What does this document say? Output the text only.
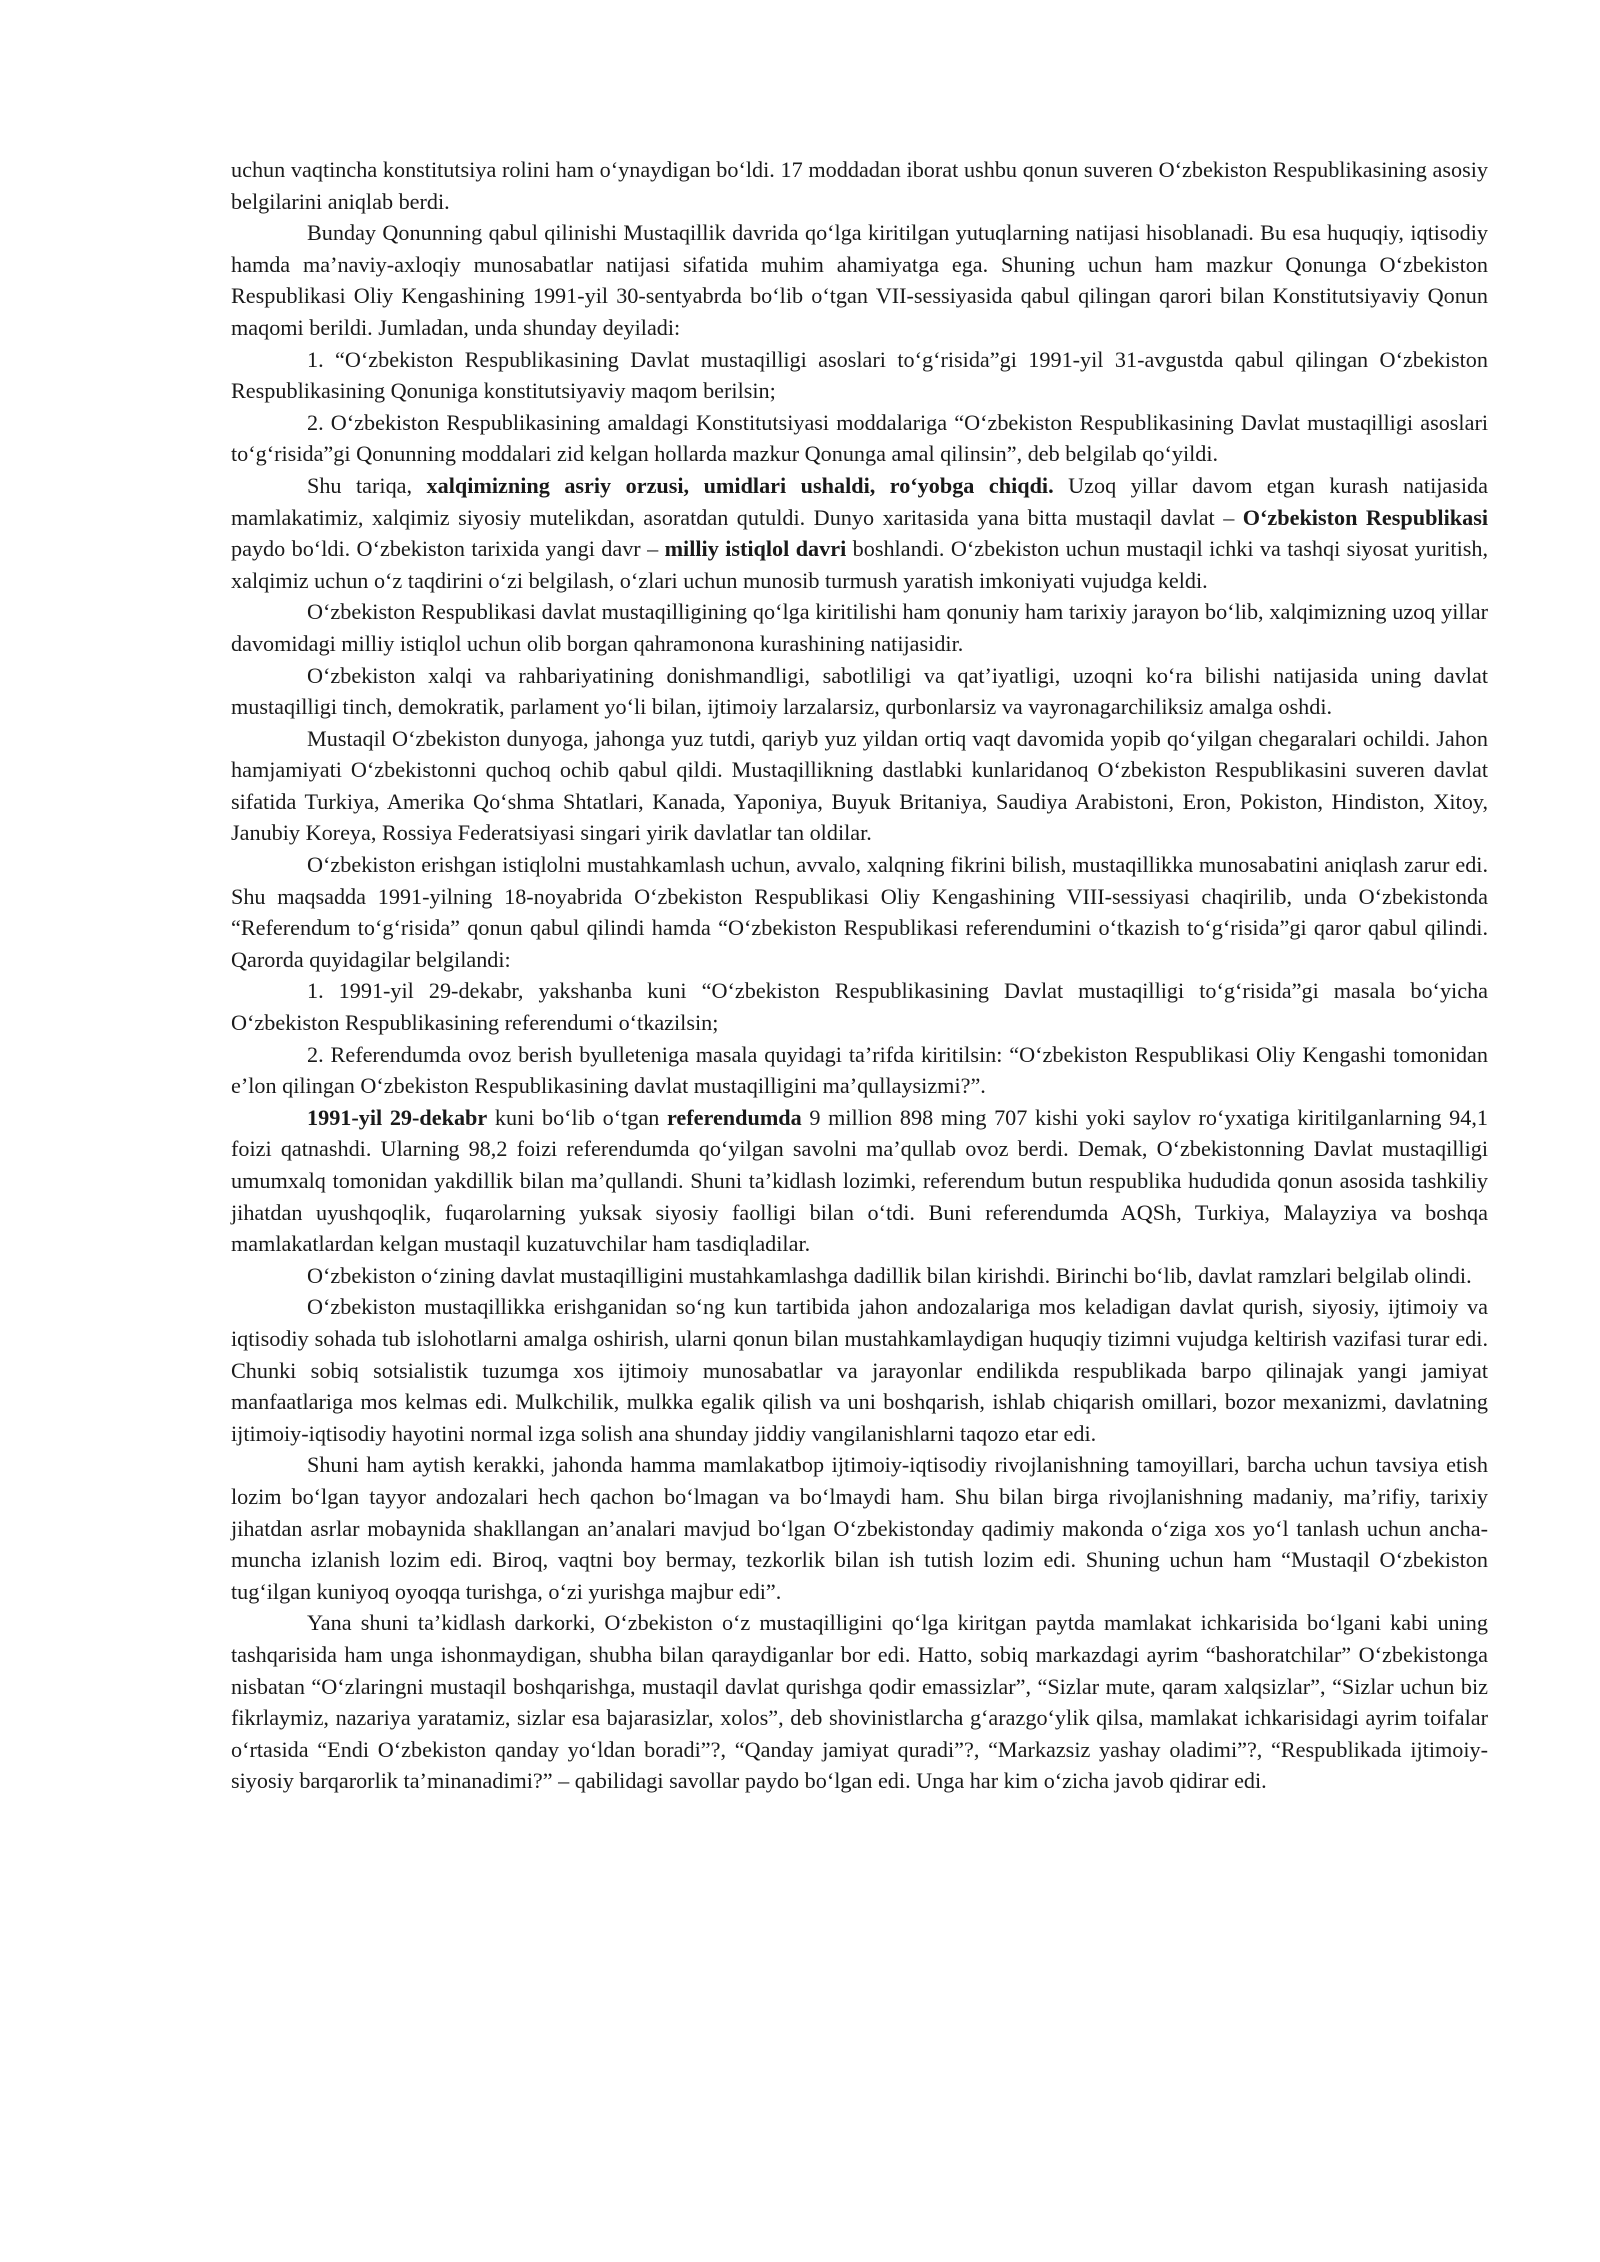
uchun vaqtincha konstitutsiya rolini ham o‘ynaydigan bo‘ldi. 17 moddadan iborat ushbu qonun suveren O‘zbekiston Respublikasining asosiy belgilarini aniqlab berdi.

Bunday Qonunning qabul qilinishi Mustaqillik davrida qo‘lga kiritilgan yutuqlarning natijasi hisoblanadi. Bu esa huquqiy, iqtisodiy hamda ma’naviy-axloqiy munosabatlar natijasi sifatida muhim ahamiyatga ega. Shuning uchun ham mazkur Qonunga O‘zbekiston Respublikasi Oliy Kengashining 1991-yil 30-sentyabrda bo‘lib o‘tgan VII-sessiyasida qabul qilingan qarori bilan Konstitutsiyaviy Qonun maqomi berildi. Jumladan, unda shunday deyiladi:

1. “O‘zbekiston Respublikasining Davlat mustaqilligi asoslari to‘g‘risida”gi 1991-yil 31-avgustda qabul qilingan O‘zbekiston Respublikasining Qonuniga konstitutsiyaviy maqom berilsin;

2. O‘zbekiston Respublikasining amaldagi Konstitutsiyasi moddalariga “O‘zbekiston Respublikasining Davlat mustaqilligi asoslari to‘g‘risida”gi Qonunning moddalari zid kelgan hollarda mazkur Qonunga amal qilinsin”, deb belgilab qo‘yildi.

Shu tariqa, xalqimizning asriy orzusi, umidlari ushaldi, ro‘yobga chiqdi. Uzoq yillar davom etgan kurash natijasida mamlakatimiz, xalqimiz siyosiy mutelikdan, asoratdan qutuldi. Dunyo xaritasida yana bitta mustaqil davlat – O‘zbekiston Respublikasi paydo bo‘ldi. O‘zbekiston tarixida yangi davr – milliy istiqlol davri boshlandi. O‘zbekiston uchun mustaqil ichki va tashqi siyosat yuritish, xalqimiz uchun o‘z taqdirini o‘zi belgilash, o‘zlari uchun munosib turmush yaratish imkoniyati vujudga keldi.

O‘zbekiston Respublikasi davlat mustaqilligining qo‘lga kiritilishi ham qonuniy ham tarixiy jarayon bo‘lib, xalqimizning uzoq yillar davomidagi milliy istiqlol uchun olib borgan qahramonona kurashining natijasidir.

O‘zbekiston xalqi va rahbariyatining donishmandligi, sabotliligi va qat’iyatligi, uzoqni ko‘ra bilishi natijasida uning davlat mustaqilligi tinch, demokratik, parlament yo‘li bilan, ijtimoiy larzalarsiz, qurbonlarsiz va vayronagarchiliksiz amalga oshdi.

Mustaqil O‘zbekiston dunyoga, jahonga yuz tutdi, qariyb yuz yildan ortiq vaqt davomida yopib qo‘yilgan chegaralari ochildi. Jahon hamjamiyati O‘zbekistonni quchoq ochib qabul qildi. Mustaqillikning dastlabki kunlaridanoq O‘zbekiston Respublikasini suveren davlat sifatida Turkiya, Amerika Qo‘shma Shtatlari, Kanada, Yaponiya, Buyuk Britaniya, Saudiya Arabistoni, Eron, Pokiston, Hindiston, Xitoy, Janubiy Koreya, Rossiya Federatsiyasi singari yirik davlatlar tan oldilar.

O‘zbekiston erishgan istiqlolni mustahkamlash uchun, avvalo, xalqning fikrini bilish, mustaqillikka munosabatini aniqlash zarur edi. Shu maqsadda 1991-yilning 18-noyabrida O‘zbekiston Respublikasi Oliy Kengashining VIII-sessiyasi chaqirilib, unda O‘zbekistonda “Referendum to‘g‘risida” qonun qabul qilindi hamda “O‘zbekiston Respublikasi referendumini o‘tkazish to‘g‘risida”gi qaror qabul qilindi. Qarorda quyidagilar belgilandi:

1. 1991-yil 29-dekabr, yakshanba kuni “O‘zbekiston Respublikasining Davlat mustaqilligi to‘g‘risida”gi masala bo‘yicha O‘zbekiston Respublikasining referendumi o‘tkazilsin;

2. Referendumda ovoz berish byulleteniga masala quyidagi ta’rifda kiritilsin: “O‘zbekiston Respublikasi Oliy Kengashi tomonidan e’lon qilingan O‘zbekiston Respublikasining davlat mustaqilligini ma’qullaysizmi?”.

1991-yil 29-dekabr kuni bo‘lib o‘tgan referendumda 9 million 898 ming 707 kishi yoki saylov ro‘yxatiga kiritilganlarning 94,1 foizi qatnashdi. Ularning 98,2 foizi referendumda qo‘yilgan savolni ma’qullab ovoz berdi. Demak, O‘zbekistonning Davlat mustaqilligi umumxalq tomonidan yakdillik bilan ma’qullandi. Shuni ta’kidlash lozimki, referendum butun respublika hududida qonun asosida tashkiliy jihatdan uyushqoqlik, fuqarolarning yuksak siyosiy faolligi bilan o‘tdi. Buni referendumda AQSh, Turkiya, Malayziya va boshqa mamlakatlardan kelgan mustaqil kuzatuvchilar ham tasdiqladilar.

O‘zbekiston o‘zining davlat mustaqilligini mustahkamlashga dadillik bilan kirishdi. Birinchi bo‘lib, davlat ramzlari belgilab olindi.

O‘zbekiston mustaqillikka erishganidan so‘ng kun tartibida jahon andozalariga mos keladigan davlat qurish, siyosiy, ijtimoiy va iqtisodiy sohada tub islohotlarni amalga oshirish, ularni qonun bilan mustahkamlaydigan huquqiy tizimni vujudga keltirish vazifasi turar edi. Chunki sobiq sotsialistik tuzumga xos ijtimoiy munosabatlar va jarayonlar endilikda respublikada barpo qilinajak yangi jamiyat manfaatlariga mos kelmas edi. Mulkchilik, mulkka egalik qilish va uni boshqarish, ishlab chiqarish omillari, bozor mexanizmi, davlatning ijtimoiy-iqtisodiy hayotini normal izga solish ana shunday jiddiy vangilanishlarni taqozo etar edi.

Shuni ham aytish kerakki, jahonda hamma mamlakatbop ijtimoiy-iqtisodiy rivojlanishning tamoyillari, barcha uchun tavsiya etish lozim bo‘lgan tayyor andozalari hech qachon bo‘lmagan va bo‘lmaydi ham. Shu bilan birga rivojlanishning madaniy, ma’rifiy, tarixiy jihatdan asrlar mobaynida shakllangan an’analari mavjud bo‘lgan O‘zbekistonday qadimiy makonda o‘ziga xos yo‘l tanlash uchun ancha-muncha izlanish lozim edi. Biroq, vaqtni boy bermay, tezkorlik bilan ish tutish lozim edi. Shuning uchun ham “Mustaqil O‘zbekiston tug‘ilgan kuniyoq oyoqqa turishga, o‘zi yurishga majbur edi”.

Yana shuni ta’kidlash darkorki, O‘zbekiston o‘z mustaqilligini qo‘lga kiritgan paytda mamlakat ichkarisida bo‘lgani kabi uning tashqarisida ham unga ishonmaydigan, shubha bilan qaraydiganlar bor edi. Hatto, sobiq markazdagi ayrim “bashoratchilar” O‘zbekistonga nisbatan “O‘zlaringni mustaqil boshqarishga, mustaqil davlat qurishga qodir emassizlar”, “Sizlar mute, qaram xalqsizlar”, “Sizlar uchun biz fikrlaymiz, nazariya yaratamiz, sizlar esa bajarasizlar, xolos”, deb shovinistlarcha g‘arazgo‘ylik qilsa, mamlakat ichkarisidagi ayrim toifalar o‘rtasida “Endi O‘zbekiston qanday yo‘ldan boradi”?, “Qanday jamiyat quradi”?, “Markazsiz yashay oladimi”?, “Respublikada ijtimoiy-siyosiy barqarorlik ta’minanadimi?” – qabilidagi savollar paydo bo‘lgan edi. Unga har kim o‘zicha javob qidirar edi.
